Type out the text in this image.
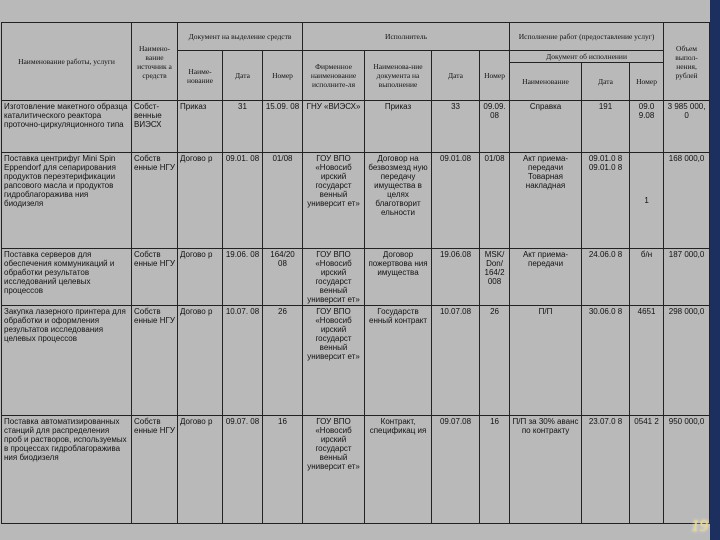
Наименование работы, услуги	Наимено-вание источник а средств	Документ на выделение средств			Исполнитель				Исполнение работ (предоставление услуг)			Объем выпол-нения, рублей
		Наиме-нование	Дата	Номер	Фирменное наименование исполните-ля	Наименова-ние документа на выполнение	Дата	Номер	Документ об исполнении			
									Наименование	Дата	Номер	
Изготовление макетного образца каталитического реактора проточно-циркуляционного типа	Собст-венные ВИЭСХ	Приказ	31	15.09. 08	ГНУ «ВИЭСХ»	Приказ	33	09.09. 08	Справка	191	09.0 9.08	3 985 000, 0
Поставка центрифуг Mini Spin Eppendorf для сепарирования продуктов переэтерификации рапсового масла и продуктов гидроблагоражива ния биодизеля	Собств енные НГУ	Догово р	09.01. 08	01/08	ГОУ ВПО «Новосиб ирский государст венный университ ет»	Договор на безвозмезд ную передачу имущества в целях благотворит ельности	09.01.08	01/08	Акт приема-передачи Товарная накладная	09.01.0 8 09.01.0 8	1	168 000,0
Поставка серверов для обеспечения коммуникаций и обработки результатов исследований целевых процессов	Собств енные НГУ	Догово р	19.06. 08	164/20 08	ГОУ ВПО «Новосиб ирский государст венный университ ет»	Договор пожертвова ния имущества	19.06.08	MSK/ Don/ 164/2 008	Акт приема-передачи	24.06.0 8	б/н	187 000,0
Закупка лазерного принтера для обработки и оформления результатов исследования целевых процессов	Собств енные НГУ	Догово р	10.07. 08	26	ГОУ ВПО «Новосиб ирский государст венный университ ет»	Государств енный контракт	10.07.08	26	П/П	30.06.0 8	4651	298 000,0
Поставка автоматизированных станций для распределения проб и растворов, используемых в процессах гидроблагоражива ния биодизеля	Собств енные НГУ	Догово р	09.07. 08	16	ГОУ ВПО «Новосиб ирский государст венный университ ет»	Контракт, спецификац ия	09.07.08	16	П/П за 30% аванс по контракту	23.07.0 8	0541 2	950 000,0
19
